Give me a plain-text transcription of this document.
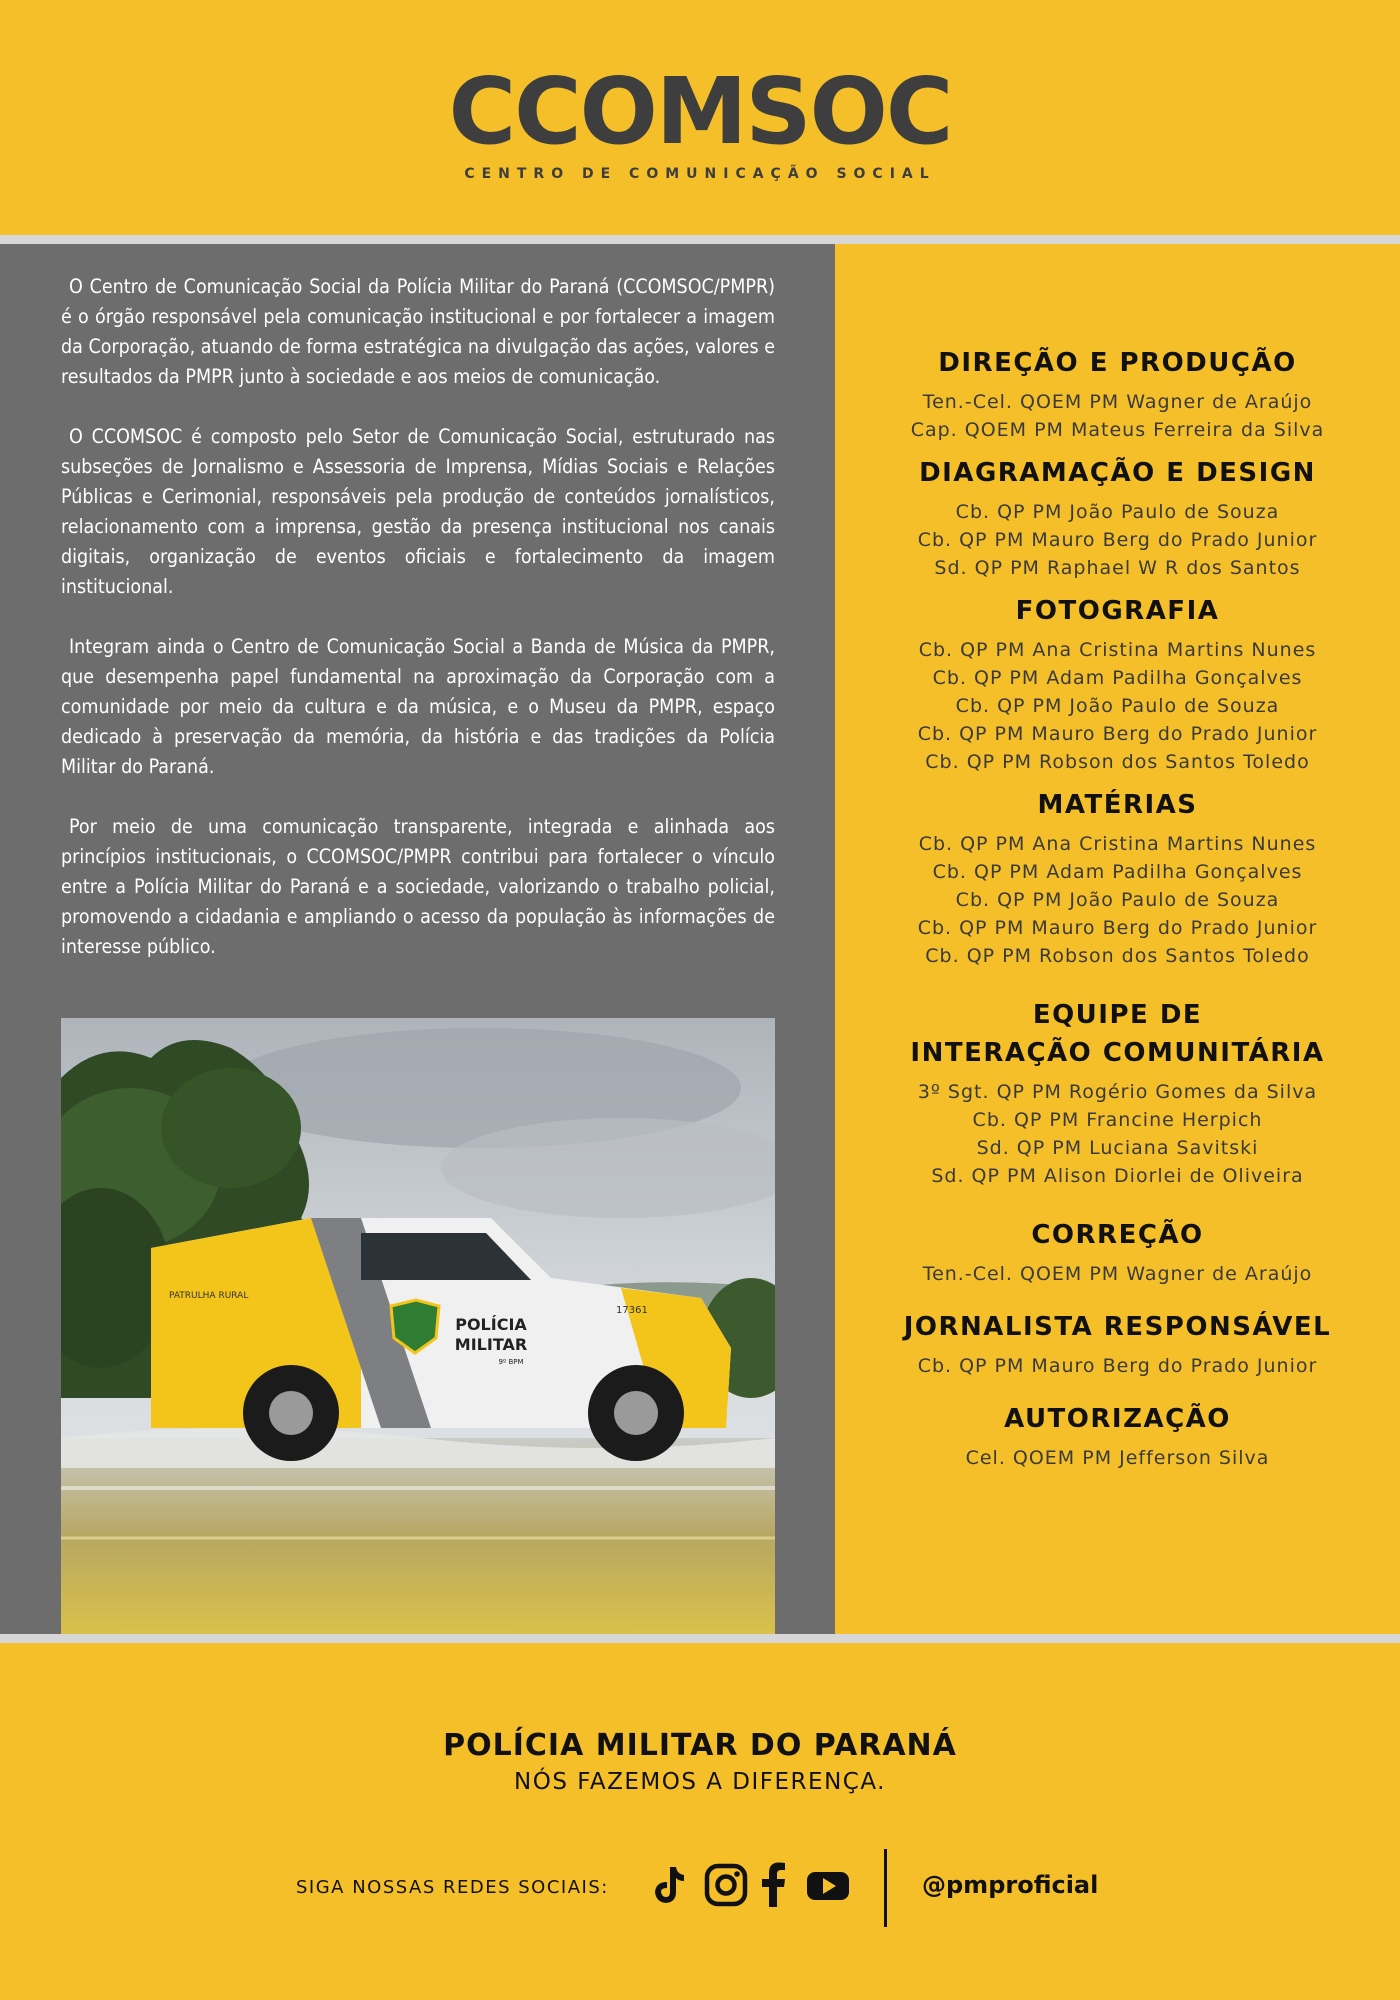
CCOMSOC
CENTRO DE COMUNICAÇÃO SOCIAL

O Centro de Comunicação Social da Polícia Militar do Paraná (CCOMSOC/PMPR) é o órgão responsável pela comunicação institucional e por fortalecer a imagem da Corporação, atuando de forma estratégica na divulgação das ações, valores e resultados da PMPR junto à sociedade e aos meios de comunicação.

O CCOMSOC é composto pelo Setor de Comunicação Social, estruturado nas subseções de Jornalismo e Assessoria de Imprensa, Mídias Sociais e Relações Públicas e Cerimonial, responsáveis pela produção de conteúdos jornalísticos, relacionamento com a imprensa, gestão da presença institucional nos canais digitais, organização de eventos oficiais e fortalecimento da imagem institucional.

Integram ainda o Centro de Comunicação Social a Banda de Música da PMPR, que desempenha papel fundamental na aproximação da Corporação com a comunidade por meio da cultura e da música, e o Museu da PMPR, espaço dedicado à preservação da memória, da história e das tradições da Polícia Militar do Paraná.

Por meio de uma comunicação transparente, integrada e alinhada aos princípios institucionais, o CCOMSOC/PMPR contribui para fortalecer o vínculo entre a Polícia Militar do Paraná e a sociedade, valorizando o trabalho policial, promovendo a cidadania e ampliando o acesso da população às informações de interesse público.

POLÍCIA
MILITAR
9º BPM
PATRULHA RURAL
17361
DIREÇÃO E PRODUÇÃO
Ten.-Cel. QOEM PM Wagner de Araújo
Cap. QOEM PM Mateus Ferreira da Silva
DIAGRAMAÇÃO E DESIGN
Cb. QP PM João Paulo de Souza
Cb. QP PM Mauro Berg do Prado Junior
Sd. QP PM Raphael W R dos Santos
FOTOGRAFIA
Cb. QP PM Ana Cristina Martins Nunes
Cb. QP PM Adam Padilha Gonçalves
Cb. QP PM João Paulo de Souza
Cb. QP PM Mauro Berg do Prado Junior
Cb. QP PM Robson dos Santos Toledo
MATÉRIAS
Cb. QP PM Ana Cristina Martins Nunes
Cb. QP PM Adam Padilha Gonçalves
Cb. QP PM João Paulo de Souza
Cb. QP PM Mauro Berg do Prado Junior
Cb. QP PM Robson dos Santos Toledo
EQUIPE DE
INTERAÇÃO COMUNITÁRIA
3º Sgt. QP PM Rogério Gomes da Silva
Cb. QP PM Francine Herpich
Sd. QP PM Luciana Savitski
Sd. QP PM Alison Diorlei de Oliveira
CORREÇÃO
Ten.-Cel. QOEM PM Wagner de Araújo
JORNALISTA RESPONSÁVEL
Cb. QP PM Mauro Berg do Prado Junior
AUTORIZAÇÃO
Cel. QOEM PM Jefferson Silva
POLÍCIA MILITAR DO PARANÁ
NÓS FAZEMOS A DIFERENÇA.
SIGA NOSSAS REDES SOCIAIS:	@pmproficial
